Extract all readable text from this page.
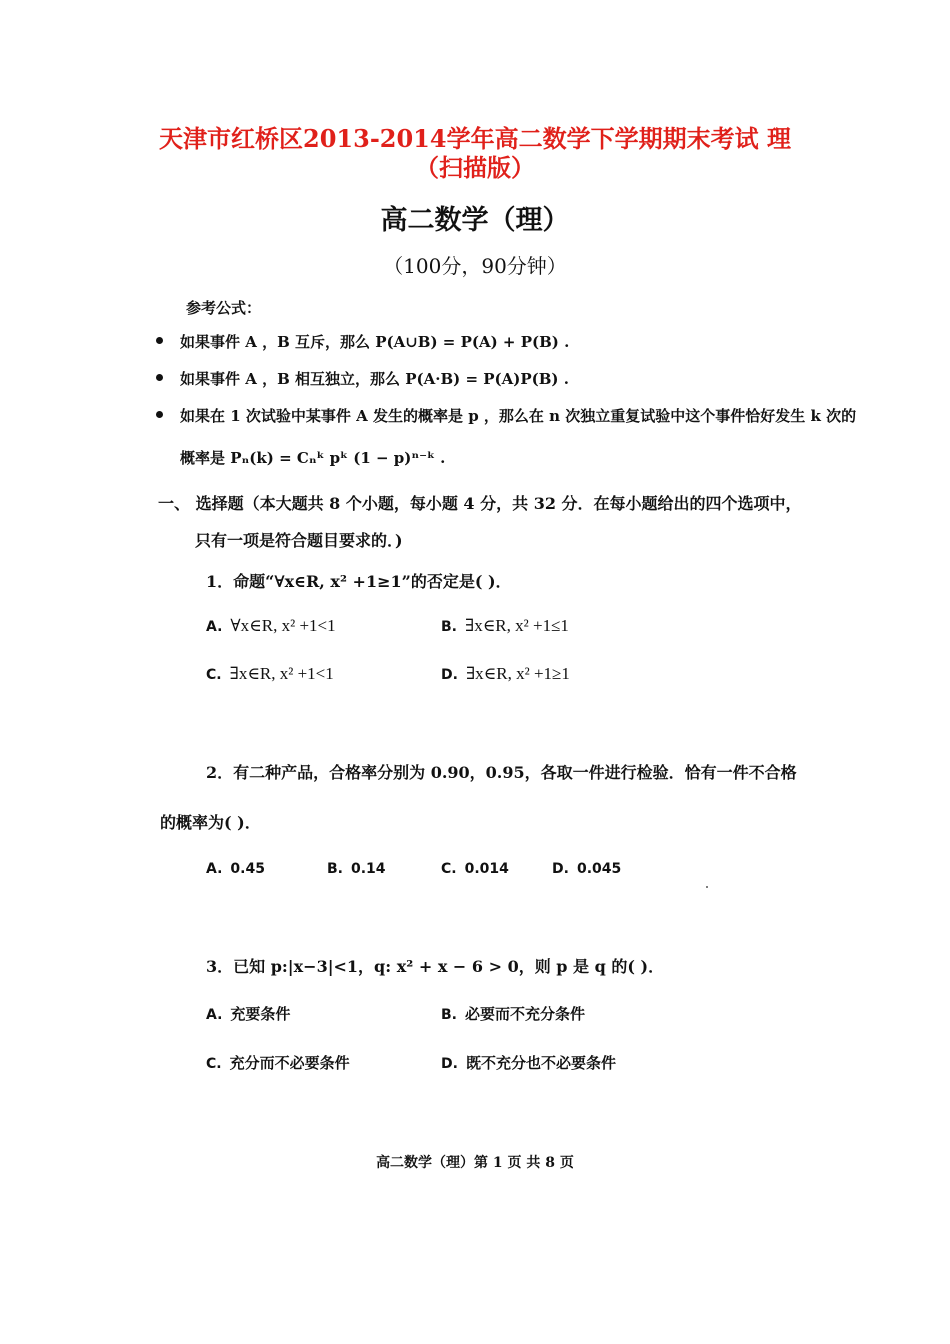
天津市红桥区2013-2014学年高二数学下学期期末考试 理（扫描版）
高二数学（理）
（100分，90分钟）
参考公式：
如果事件 A ，B 互斥，那么 P(A∪B) = P(A) + P(B) .
如果事件 A ，B 相互独立，那么 P(A·B) = P(A)P(B) .
如果在 1 次试验中某事件 A 发生的概率是 p ，那么在 n 次独立重复试验中这个事件恰好发生 k 次的
概率是 Pₙ(k) = Cₙᵏ pᵏ (1 − p)ⁿ⁻ᵏ .
一、 选择题（本大题共 8 个小题，每小题 4 分，共 32 分．在每小题给出的四个选项中，
只有一项是符合题目要求的．)
1．命题“∀x∈R, x² +1≥1”的否定是( )．
A. ∀x∈R, x² +1<1	B. ∃x∈R, x² +1≤1
C. ∃x∈R, x² +1<1	D. ∃x∈R, x² +1≥1
2．有二种产品，合格率分别为 0.90，0.95，各取一件进行检验．恰有一件不合格
的概率为( )．
A. 0.45	B. 0.14	C. 0.014	D. 0.045
3．已知 p:|x−3|<1，q: x² + x − 6 > 0，则 p 是 q 的( )．
A. 充要条件	B. 必要而不充分条件
C. 充分而不必要条件	D. 既不充分也不必要条件
高二数学（理）第 1 页 共 8 页
